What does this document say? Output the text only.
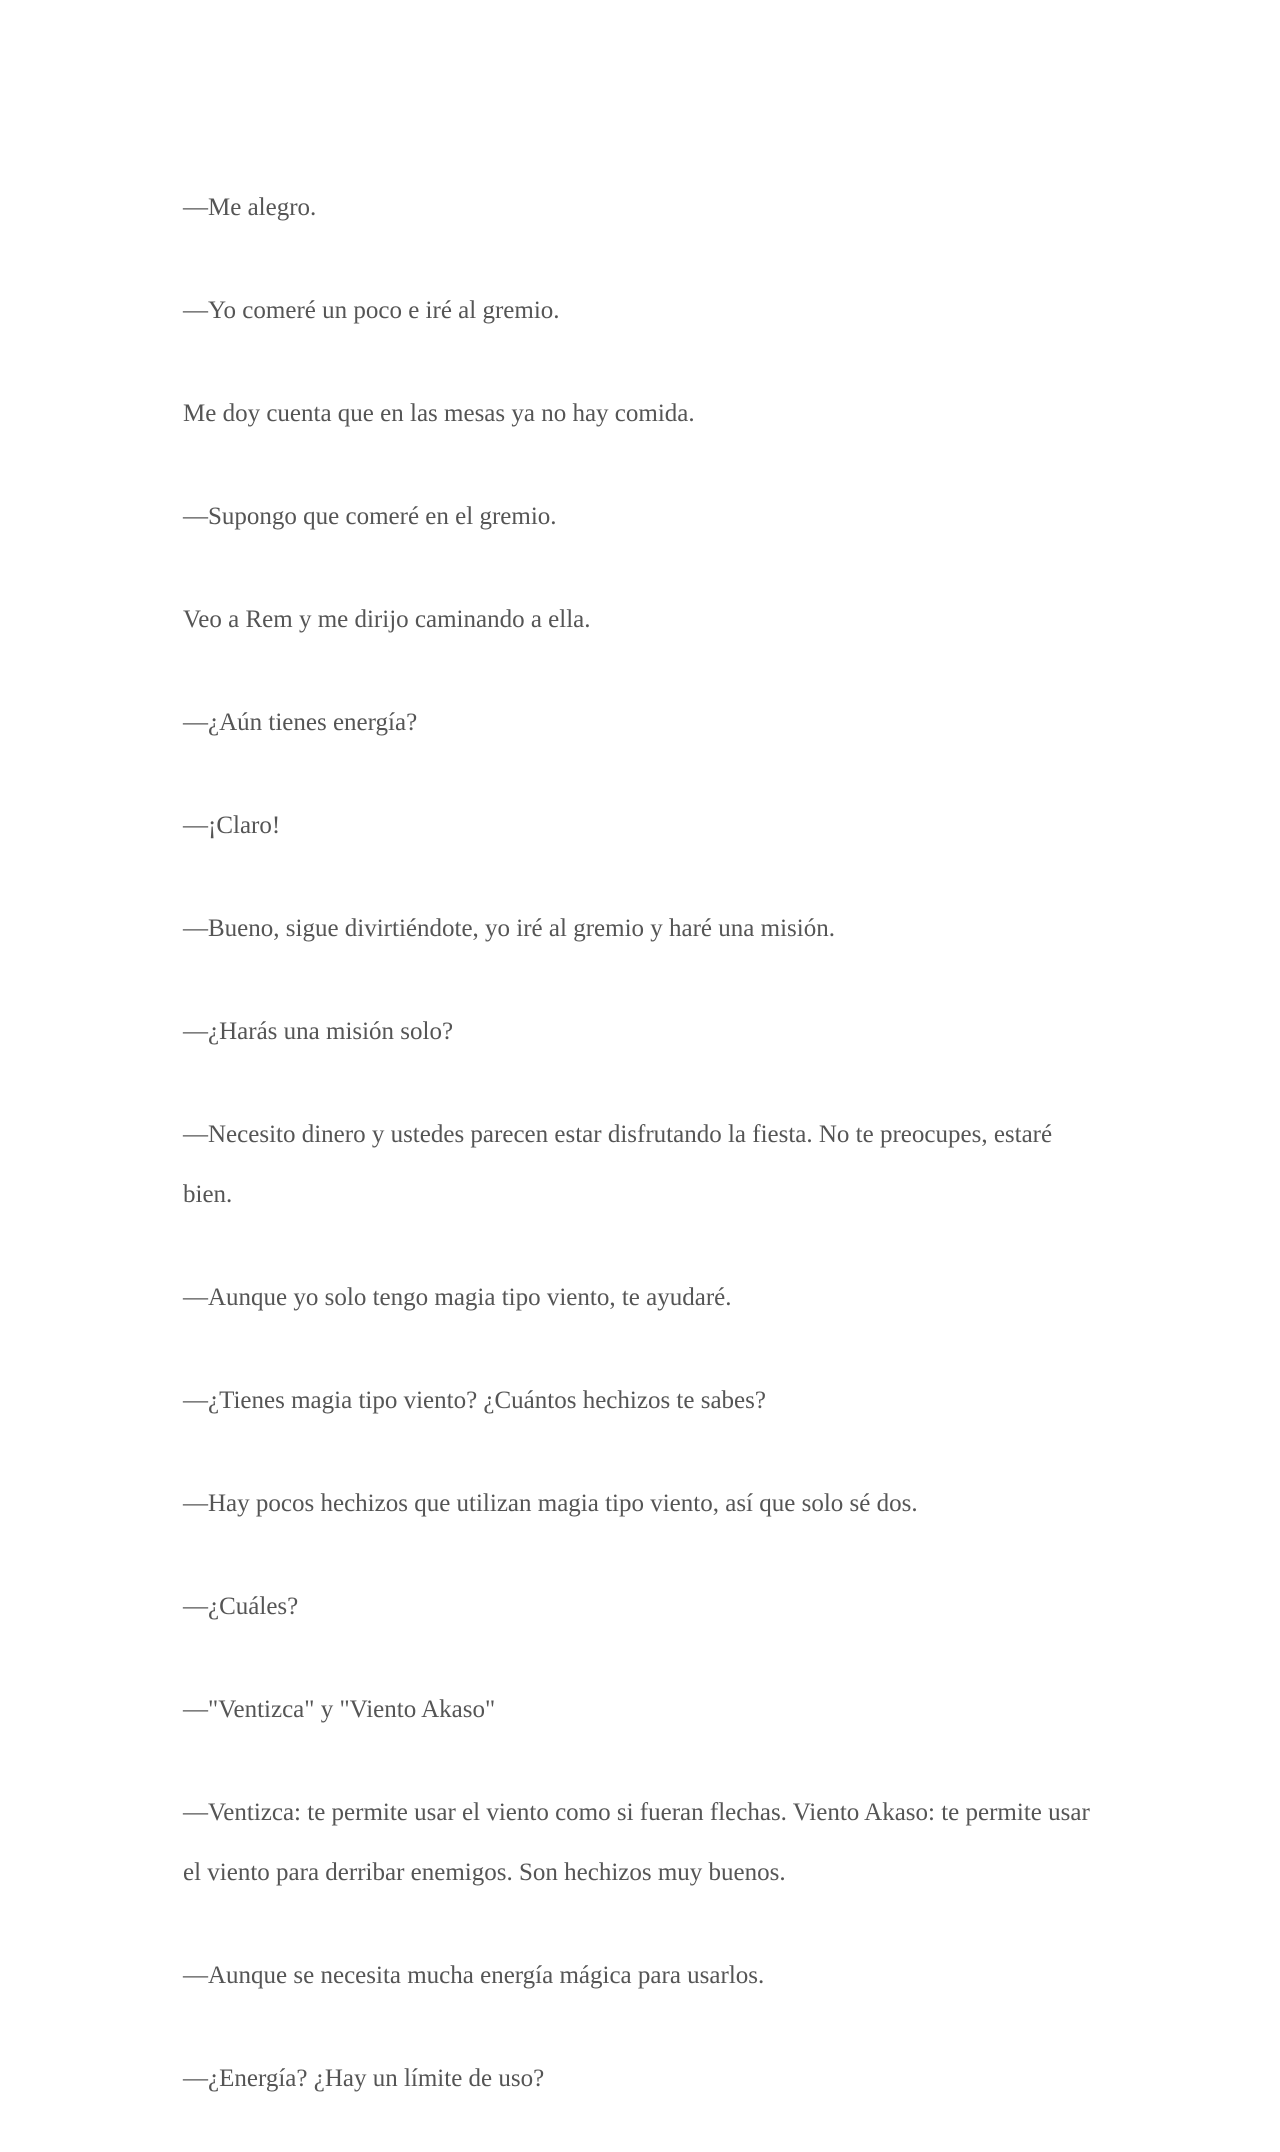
—Me alegro.

—Yo comeré un poco e iré al gremio.

Me doy cuenta que en las mesas ya no hay comida.

—Supongo que comeré en el gremio.

Veo a Rem y me dirijo caminando a ella.

—¿Aún tienes energía?

—¡Claro!

—Bueno, sigue divirtiéndote, yo iré al gremio y haré una misión.

—¿Harás una misión solo?

—Necesito dinero y ustedes parecen estar disfrutando la fiesta. No te preocupes, estaré bien.

—Aunque yo solo tengo magia tipo viento, te ayudaré.

—¿Tienes magia tipo viento? ¿Cuántos hechizos te sabes?

—Hay pocos hechizos que utilizan magia tipo viento, así que solo sé dos.

—¿Cuáles?

—"Ventizca" y "Viento Akaso"

—Ventizca: te permite usar el viento como si fueran flechas. Viento Akaso: te permite usar el viento para derribar enemigos. Son hechizos muy buenos.

—Aunque se necesita mucha energía mágica para usarlos.

—¿Energía? ¿Hay un límite de uso?
